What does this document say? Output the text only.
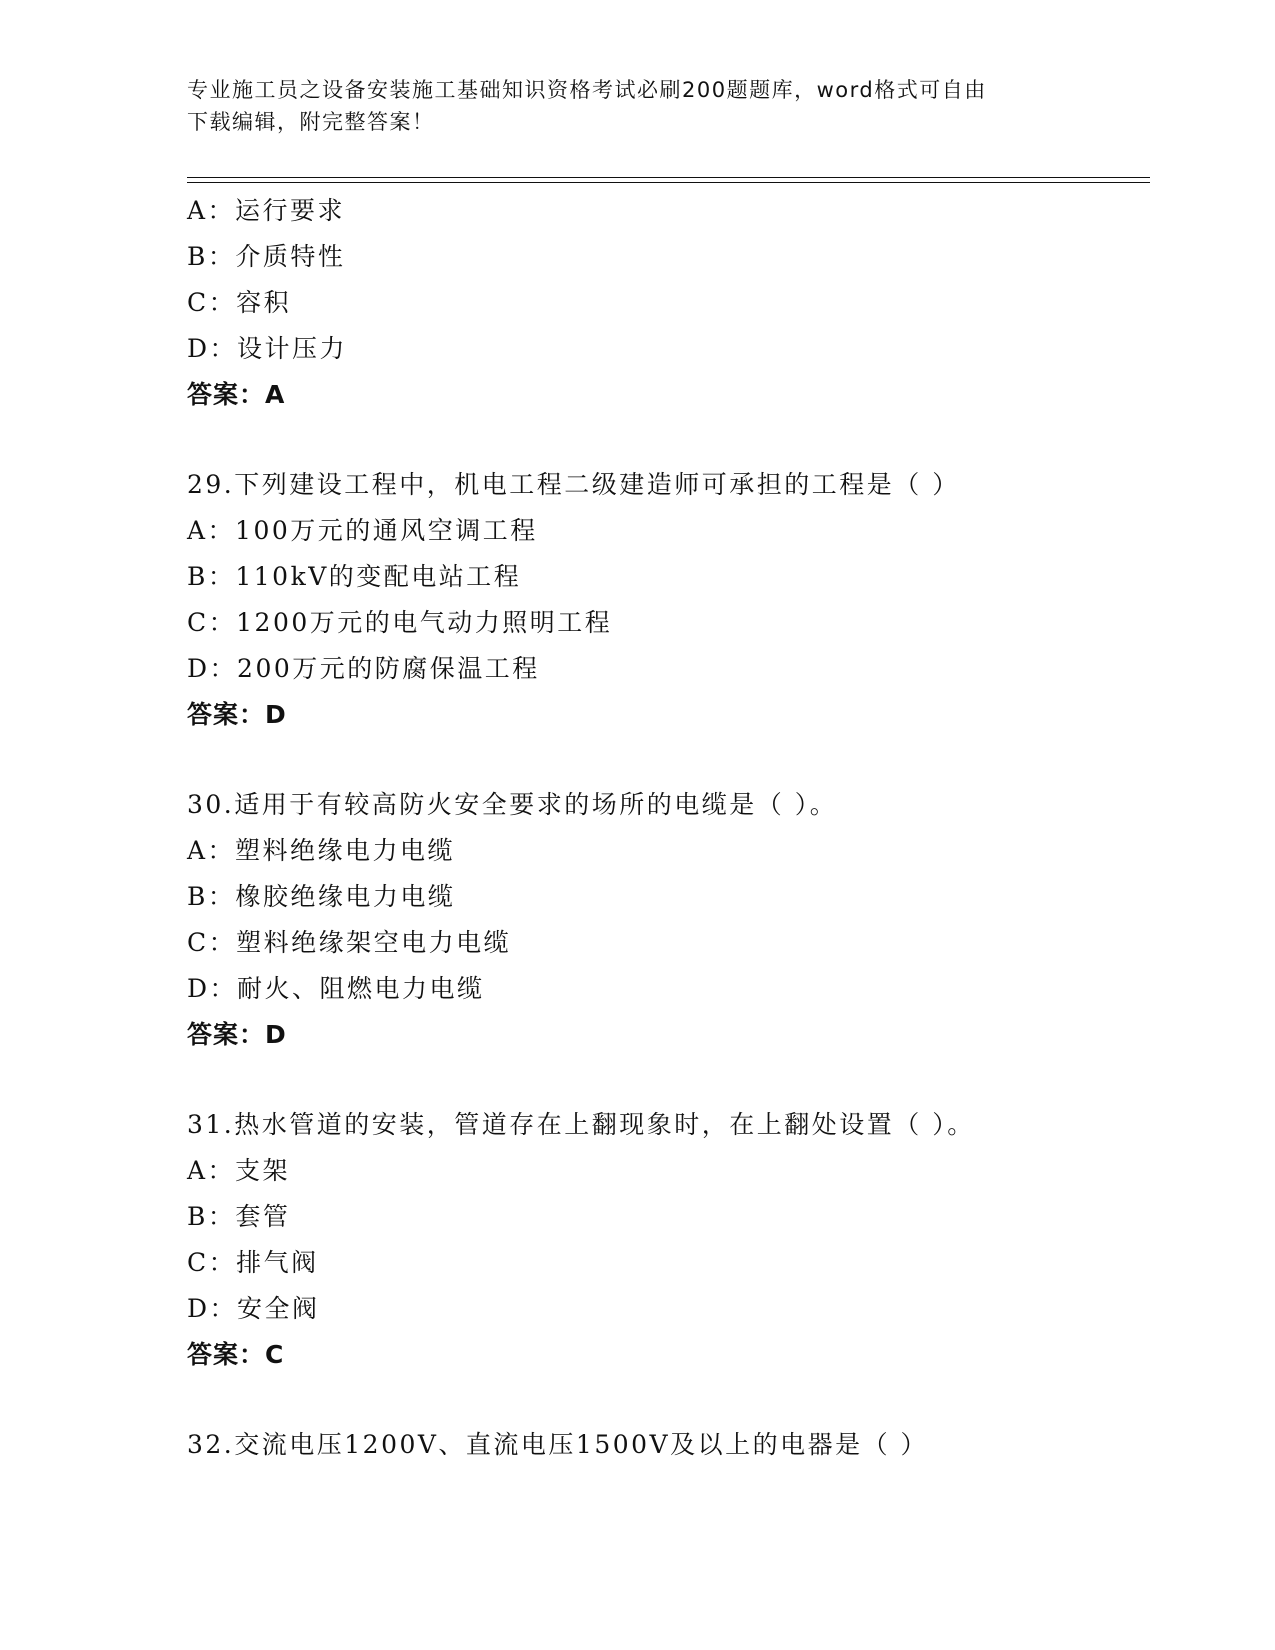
专业施工员之设备安装施工基础知识资格考试必刷200题题库，word格式可自由
下载编辑，附完整答案！
A：运行要求
B：介质特性
C：容积
D：设计压力
答案：A
29.下列建设工程中，机电工程二级建造师可承担的工程是（ ）
A：100万元的通风空调工程
B：110kV的变配电站工程
C：1200万元的电气动力照明工程
D：200万元的防腐保温工程
答案：D
30.适用于有较高防火安全要求的场所的电缆是（ ）。
A：塑料绝缘电力电缆
B：橡胶绝缘电力电缆
C：塑料绝缘架空电力电缆
D：耐火、阻燃电力电缆
答案：D
31.热水管道的安装，管道存在上翻现象时，在上翻处设置（ ）。
A：支架
B：套管
C：排气阀
D：安全阀
答案：C
32.交流电压1200V、直流电压1500V及以上的电器是（ ）
